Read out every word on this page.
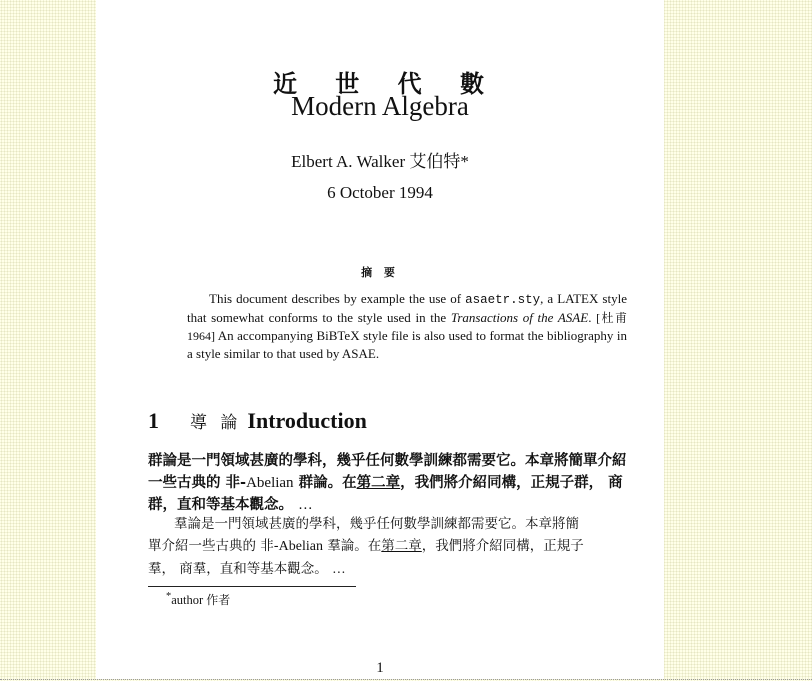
近 世 代 數
Modern Algebra
Elbert A. Walker 艾伯特*
6 October 1994
摘 要
This document describes by example the use of asaetr.sty, a LATEX style that somewhat conforms to the style used in the Transactions of the ASAE. [杜甫 1964] An accompanying BiBTeX style file is also used to format the bibliography in a style similar to that used by ASAE.
1 導 論 Introduction
群論是一門領域甚廣的學科，幾乎任何數學訓練都需要它。本章將簡單介紹
一些古典的 非-Abelian 群論。在第二章，我們將介紹同構，正規子群， 商
群，直和等基本觀念。 …
羣論是一門領域甚廣的學科，幾乎任何數學訓練都需要它。本章將簡
單介紹一些古典的 非-Abelian 羣論。在第二章，我們將介紹同構，正規子
羣， 商羣，直和等基本觀念。 …
*author 作者
1
